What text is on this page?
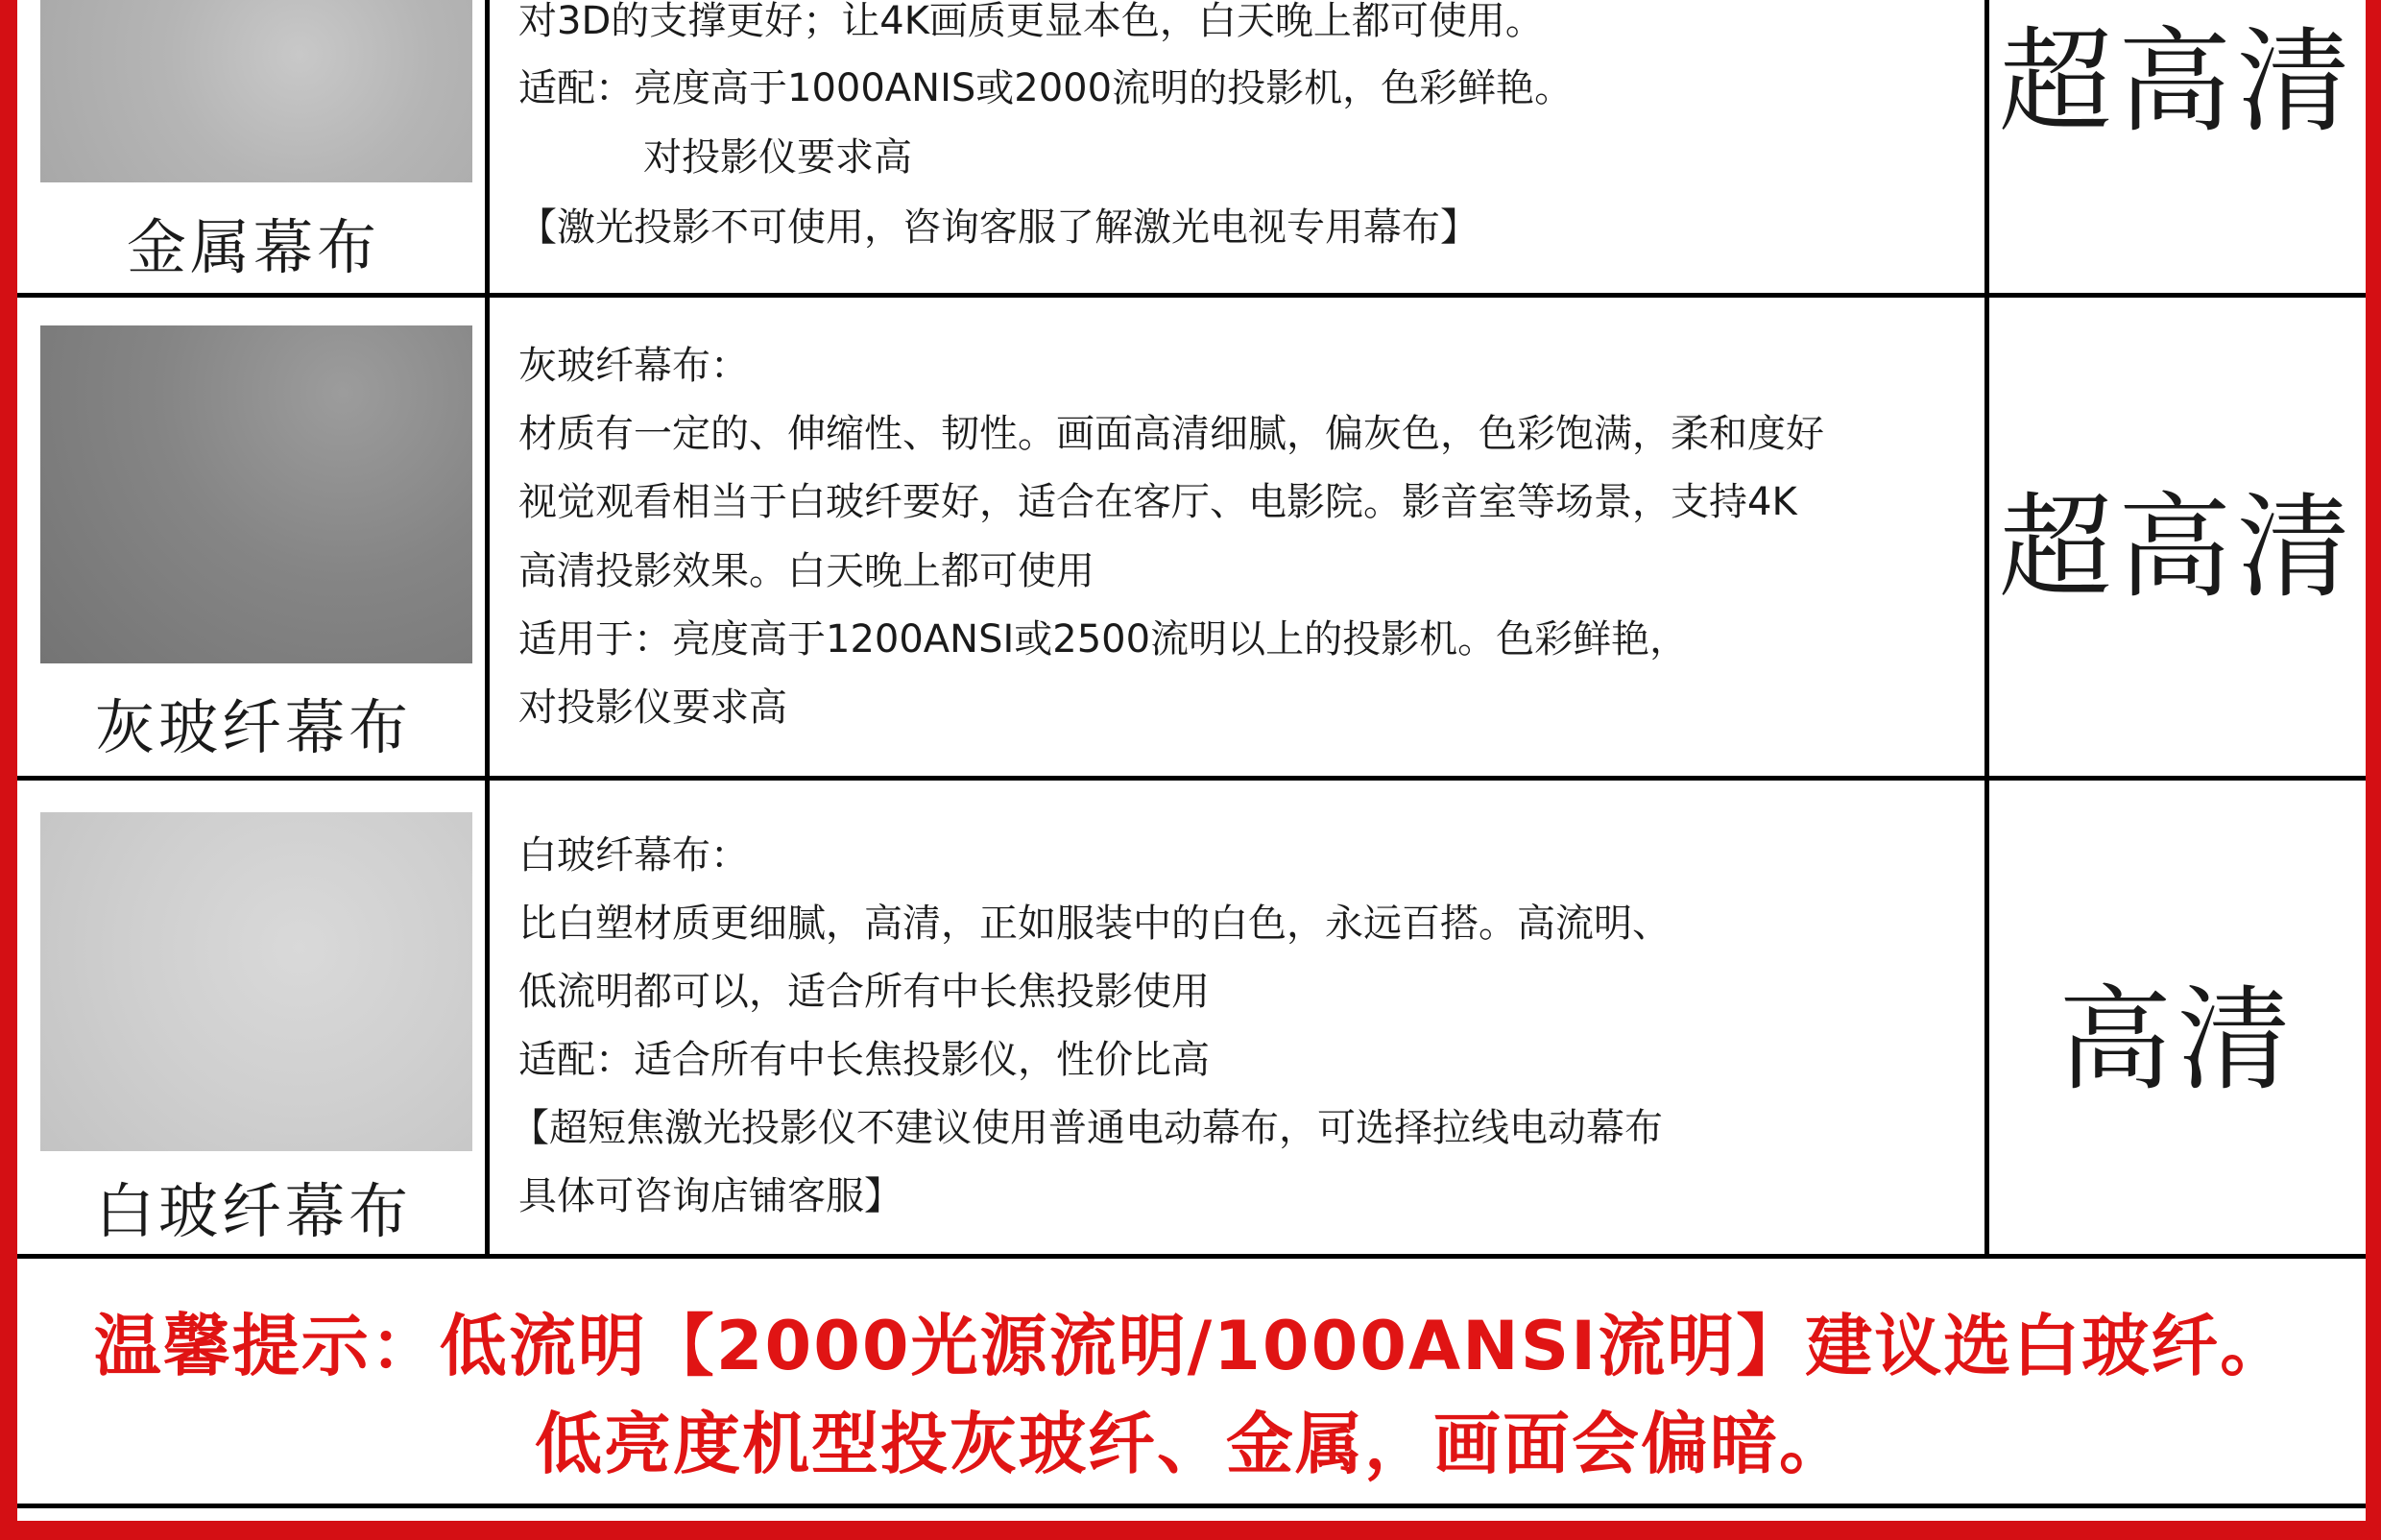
金属幕布
对3D的支撑更好；让4K画质更显本色，白天晚上都可使用。
适配：亮度高于1000ANIS或2000流明的投影机，色彩鲜艳。
对投影仪要求高
【激光投影不可使用，咨询客服了解激光电视专用幕布】
超高清
灰玻纤幕布
灰玻纤幕布：
材质有一定的、伸缩性、韧性。画面高清细腻，偏灰色，色彩饱满，柔和度好
视觉观看相当于白玻纤要好，适合在客厅、电影院。影音室等场景，支持4K
高清投影效果。白天晚上都可使用
适用于：亮度高于1200ANSI或2500流明以上的投影机。色彩鲜艳，
对投影仪要求高
超高清
白玻纤幕布
白玻纤幕布：
比白塑材质更细腻，高清，正如服装中的白色，永远百搭。高流明、
低流明都可以，适合所有中长焦投影使用
适配：适合所有中长焦投影仪，性价比高
【超短焦激光投影仪不建议使用普通电动幕布，可选择拉线电动幕布
具体可咨询店铺客服】
高清
温馨提示：低流明【2000光源流明/1000ANSI流明】建议选白玻纤。
低亮度机型投灰玻纤、金属，画面会偏暗。
